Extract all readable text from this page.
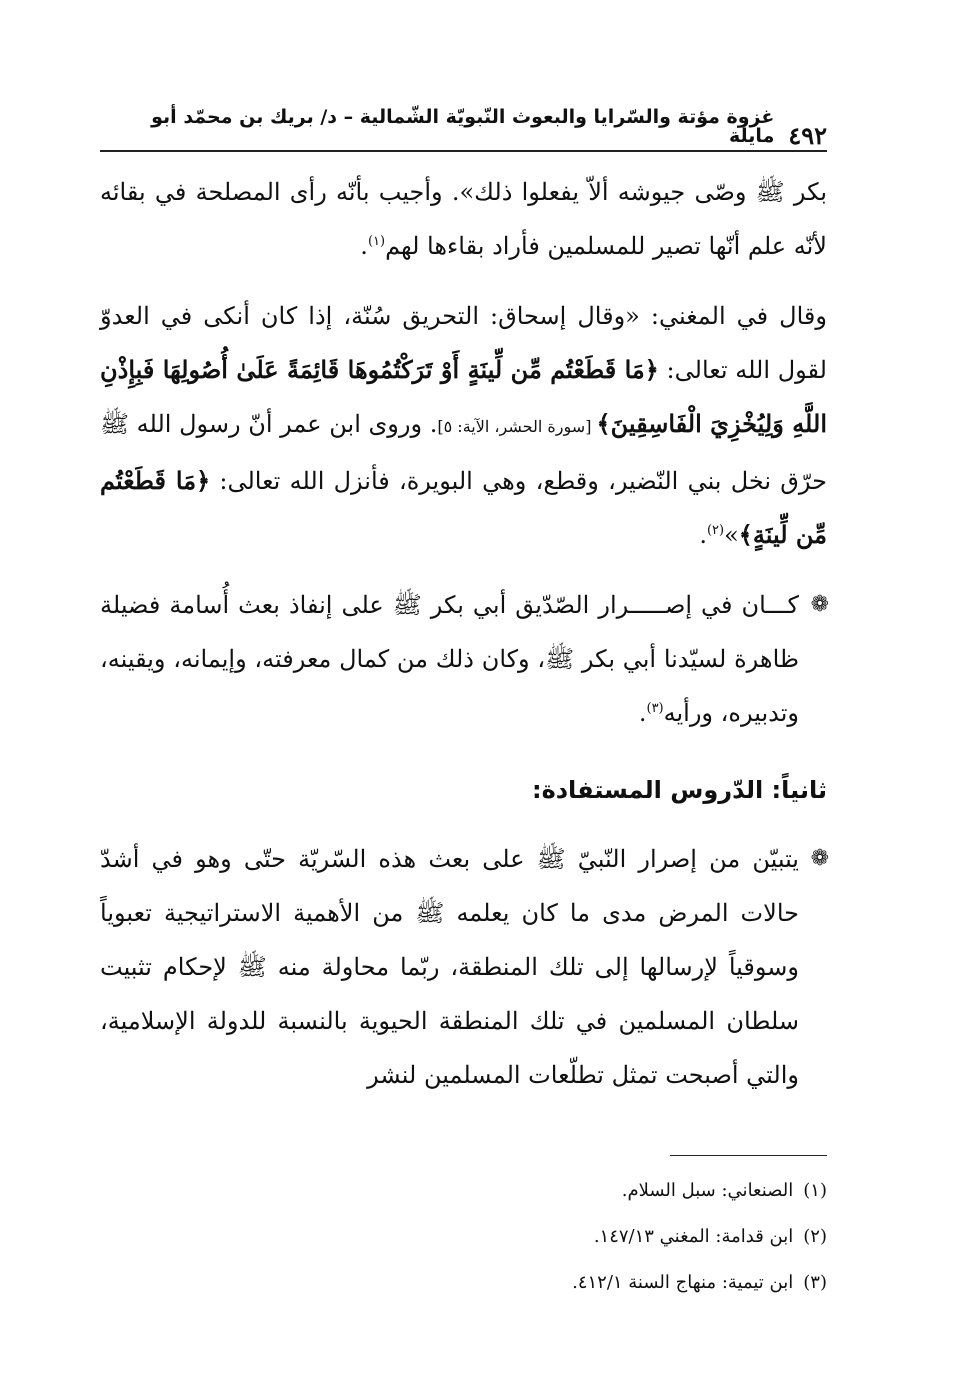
٤٩٢
غزوة مؤتة والسّرايا والبعوث النّبويّة الشّمالية – د/ بريك بن محمّد أبو مايلة

بكر ﷺ وصّى جيوشه ألاّ يفعلوا ذلك». وأجيب بأنّه رأى المصلحة في بقائه لأنّه علم أنّها تصير للمسلمين فأراد بقاءها لهم$^{(١)}$.

وقال في المغني: «وقال إسحاق: التحريق سُنّة، إذا كان أنكى في العدوّ لقول الله تعالى: ﴿مَا قَطَعْتُم مِّن لِّينَةٍ أَوْ تَرَكْتُمُوهَا قَائِمَةً عَلَىٰ أُصُولِهَا فَبِإِذْنِ اللَّهِ وَلِيُخْزِيَ الْفَاسِقِينَ﴾ [سورة الحشر، الآية: ٥]. وروى ابن عمر أنّ رسول الله ﷺ حرّق نخل بني النّضير، وقطع، وهي البويرة، فأنزل الله تعالى: ﴿مَا قَطَعْتُم مِّن لِّينَةٍ﴾»$^{(٢)}$.

❁
كـــان في إصـــــرار الصّدّيق أبي بكر ﷺ على إنفاذ بعث أُسامة فضيلة ظاهرة لسيّدنا أبي بكر ﷺ، وكان ذلك من كمال معرفته، وإيمانه، ويقينه، وتدبيره، ورأيه$^{(٣)}$.

ثانياً: الدّروس المستفادة:

❁
يتبيّن من إصرار النّبيّ ﷺ على بعث هذه السّريّة حتّى وهو في أشدّ حالات المرض مدى ما كان يعلمه ﷺ من الأهمية الاستراتيجية تعبوياً وسوقياً لإرسالها إلى تلك المنطقة، ربّما محاولة منه ﷺ لإحكام تثبيت سلطان المسلمين في تلك المنطقة الحيوية بالنسبة للدولة الإسلامية، والتي أصبحت تمثل تطلّعات المسلمين لنشر

(١)الصنعاني: سبل السلام.

(٢)ابن قدامة: المغني ١٤٧/١٣.

(٣)ابن تيمية: منهاج السنة ٤١٢/١.
